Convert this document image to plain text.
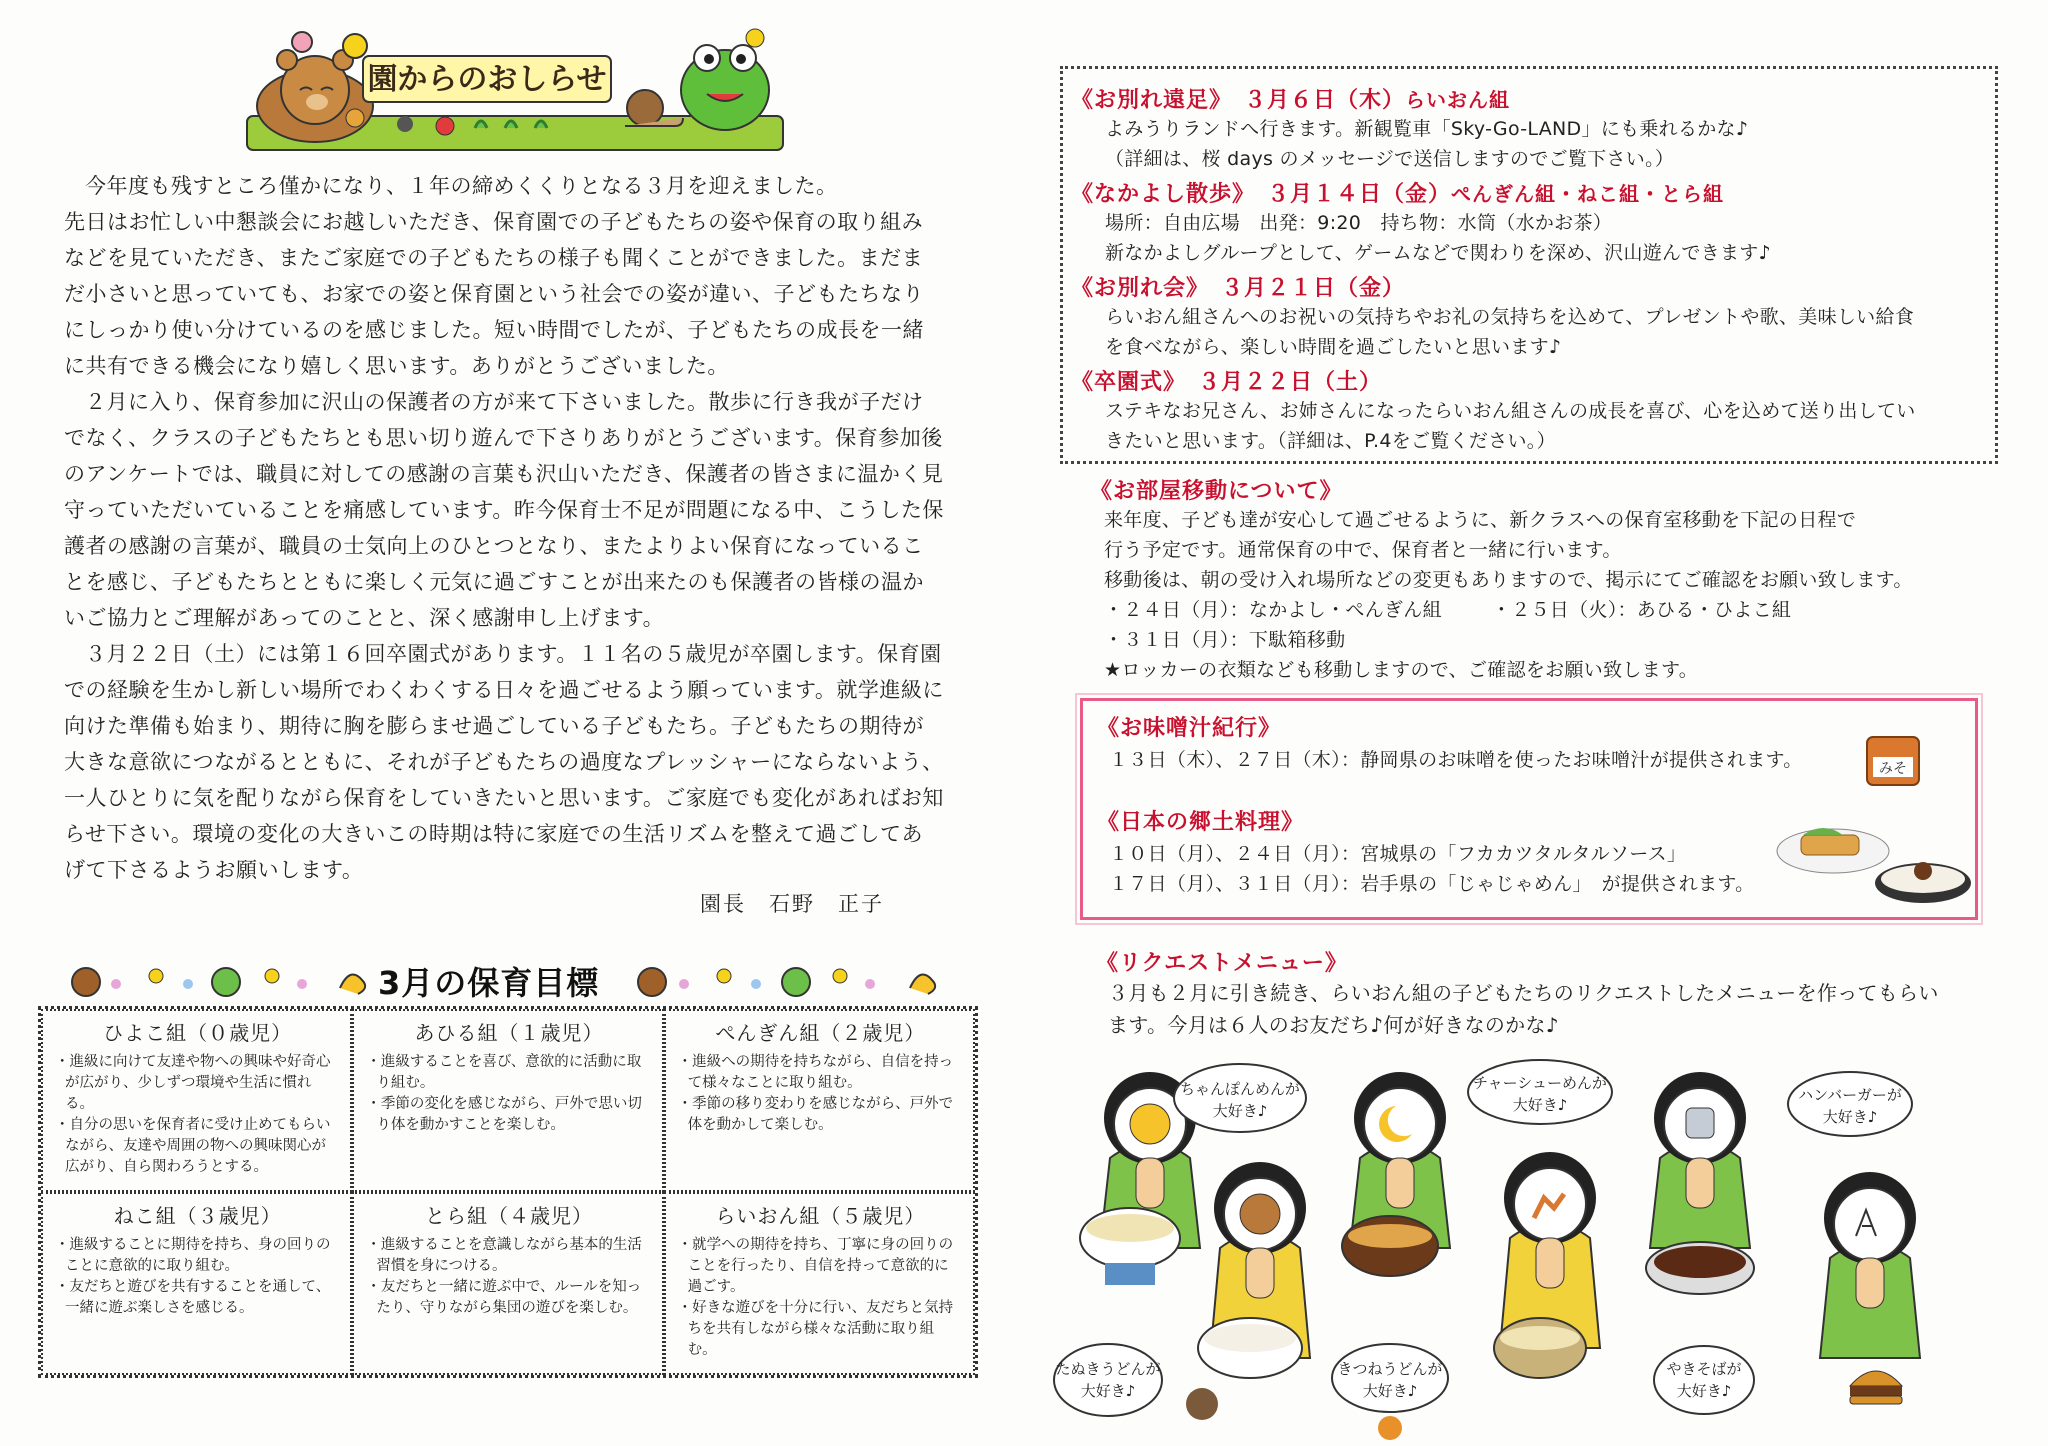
園からのおしらせ

今年度も残すところ僅かになり、１年の締めくくりとなる３月を迎えました。

先日はお忙しい中懇談会にお越しいただき、保育園での子どもたちの姿や保育の取り組みなどを見ていただき、またご家庭での子どもたちの様子も聞くことができました。まだまだ小さいと思っていても、お家での姿と保育園という社会での姿が違い、子どもたちなりにしっかり使い分けているのを感じました。短い時間でしたが、子どもたちの成長を一緒に共有できる機会になり嬉しく思います。ありがとうございました。

２月に入り、保育参加に沢山の保護者の方が来て下さいました。散歩に行き我が子だけでなく、クラスの子どもたちとも思い切り遊んで下さりありがとうございます。保育参加後のアンケートでは、職員に対しての感謝の言葉も沢山いただき、保護者の皆さまに温かく見守っていただいていることを痛感しています。昨今保育士不足が問題になる中、こうした保護者の感謝の言葉が、職員の士気向上のひとつとなり、またよりよい保育になっていることを感じ、子どもたちとともに楽しく元気に過ごすことが出来たのも保護者の皆様の温かいご協力とご理解があってのことと、深く感謝申し上げます。

３月２２日（土）には第１６回卒園式があります。１１名の５歳児が卒園します。保育園での経験を生かし新しい場所でわくわくする日々を過ごせるよう願っています。就学進級に向けた準備も始まり、期待に胸を膨らませ過ごしている子どもたち。子どもたちの期待が大きな意欲につながるとともに、それが子どもたちの過度なプレッシャーにならないよう、一人ひとりに気を配りながら保育をしていきたいと思います。ご家庭でも変化があればお知らせ下さい。環境の変化の大きいこの時期は特に家庭での生活リズムを整えて過ごしてあげて下さるようお願いします。

園長　石野　正子
3月の保育目標
ひよこ組（０歳児）
・進級に向けて友達や物への興味や好奇心が広がり、少しずつ環境や生活に慣れる。
・自分の思いを保育者に受け止めてもらいながら、友達や周囲の物への興味関心が広がり、自ら関わろうとする。
あひる組（１歳児）
・進級することを喜び、意欲的に活動に取り組む。
・季節の変化を感じながら、戸外で思い切り体を動かすことを楽しむ。
ぺんぎん組（２歳児）
・進級への期待を持ちながら、自信を持って様々なことに取り組む。
・季節の移り変わりを感じながら、戸外で体を動かして楽しむ。
ねこ組（３歳児）
・進級することに期待を持ち、身の回りのことに意欲的に取り組む。
・友だちと遊びを共有することを通して、一緒に遊ぶ楽しさを感じる。
とら組（４歳児）
・進級することを意識しながら基本的生活習慣を身につける。
・友だちと一緒に遊ぶ中で、ルールを知ったり、守りながら集団の遊びを楽しむ。
らいおん組（５歳児）
・就学への期待を持ち、丁寧に身の回りのことを行ったり、自信を持って意欲的に過ごす。
・好きな遊びを十分に行い、友だちと気持ちを共有しながら様々な活動に取り組む。
《お別れ遠足》　３月６日（木）らいおん組
よみうりランドへ行きます。新観覧車「Sky-Go-LAND」にも乗れるかな♪
（詳細は、桜 days のメッセージで送信しますのでご覧下さい。）
《なかよし散歩》　３月１４日（金）ぺんぎん組・ねこ組・とら組
場所：自由広場　出発：9:20　持ち物：水筒（水かお茶）
新なかよしグループとして、ゲームなどで関わりを深め、沢山遊んできます♪
《お別れ会》　３月２１日（金）
らいおん組さんへのお祝いの気持ちやお礼の気持ちを込めて、プレゼントや歌、美味しい給食
を食べながら、楽しい時間を過ごしたいと思います♪
《卒園式》　３月２２日（土）
ステキなお兄さん、お姉さんになったらいおん組さんの成長を喜び、心を込めて送り出してい
きたいと思います。（詳細は、P.4をご覧ください。）
《お部屋移動について》
来年度、子ども達が安心して過ごせるように、新クラスへの保育室移動を下記の日程で
行う予定です。通常保育の中で、保育者と一緒に行います。
移動後は、朝の受け入れ場所などの変更もありますので、掲示にてご確認をお願い致します。
・２４日（月）：なかよし・ぺんぎん組	・２５日（火）：あひる・ひよこ組
・３１日（月）：下駄箱移動
★ロッカーの衣類なども移動しますので、ご確認をお願い致します。
《お味噌汁紀行》
１３日（木）、２７日（木）：静岡県のお味噌を使ったお味噌汁が提供されます。	みそ
《日本の郷土料理》
１０日（月）、２４日（月）：宮城県の「フカカツタルタルソース」
１７日（月）、３１日（月）：岩手県の「じゃじゃめん」　が提供されます。
《リクエストメニュー》
３月も２月に引き続き、らいおん組の子どもたちのリクエストしたメニューを作ってもらい
ます。今月は６人のお友だち♪何が好きなのかな♪
たぬきうどんが
大好き♪
ちゃんぽんめんが
大好き♪
きつねうどんが
大好き♪
チャーシューめんが
大好き♪
やきそばが
大好き♪
ハンバーガーが
大好き♪
